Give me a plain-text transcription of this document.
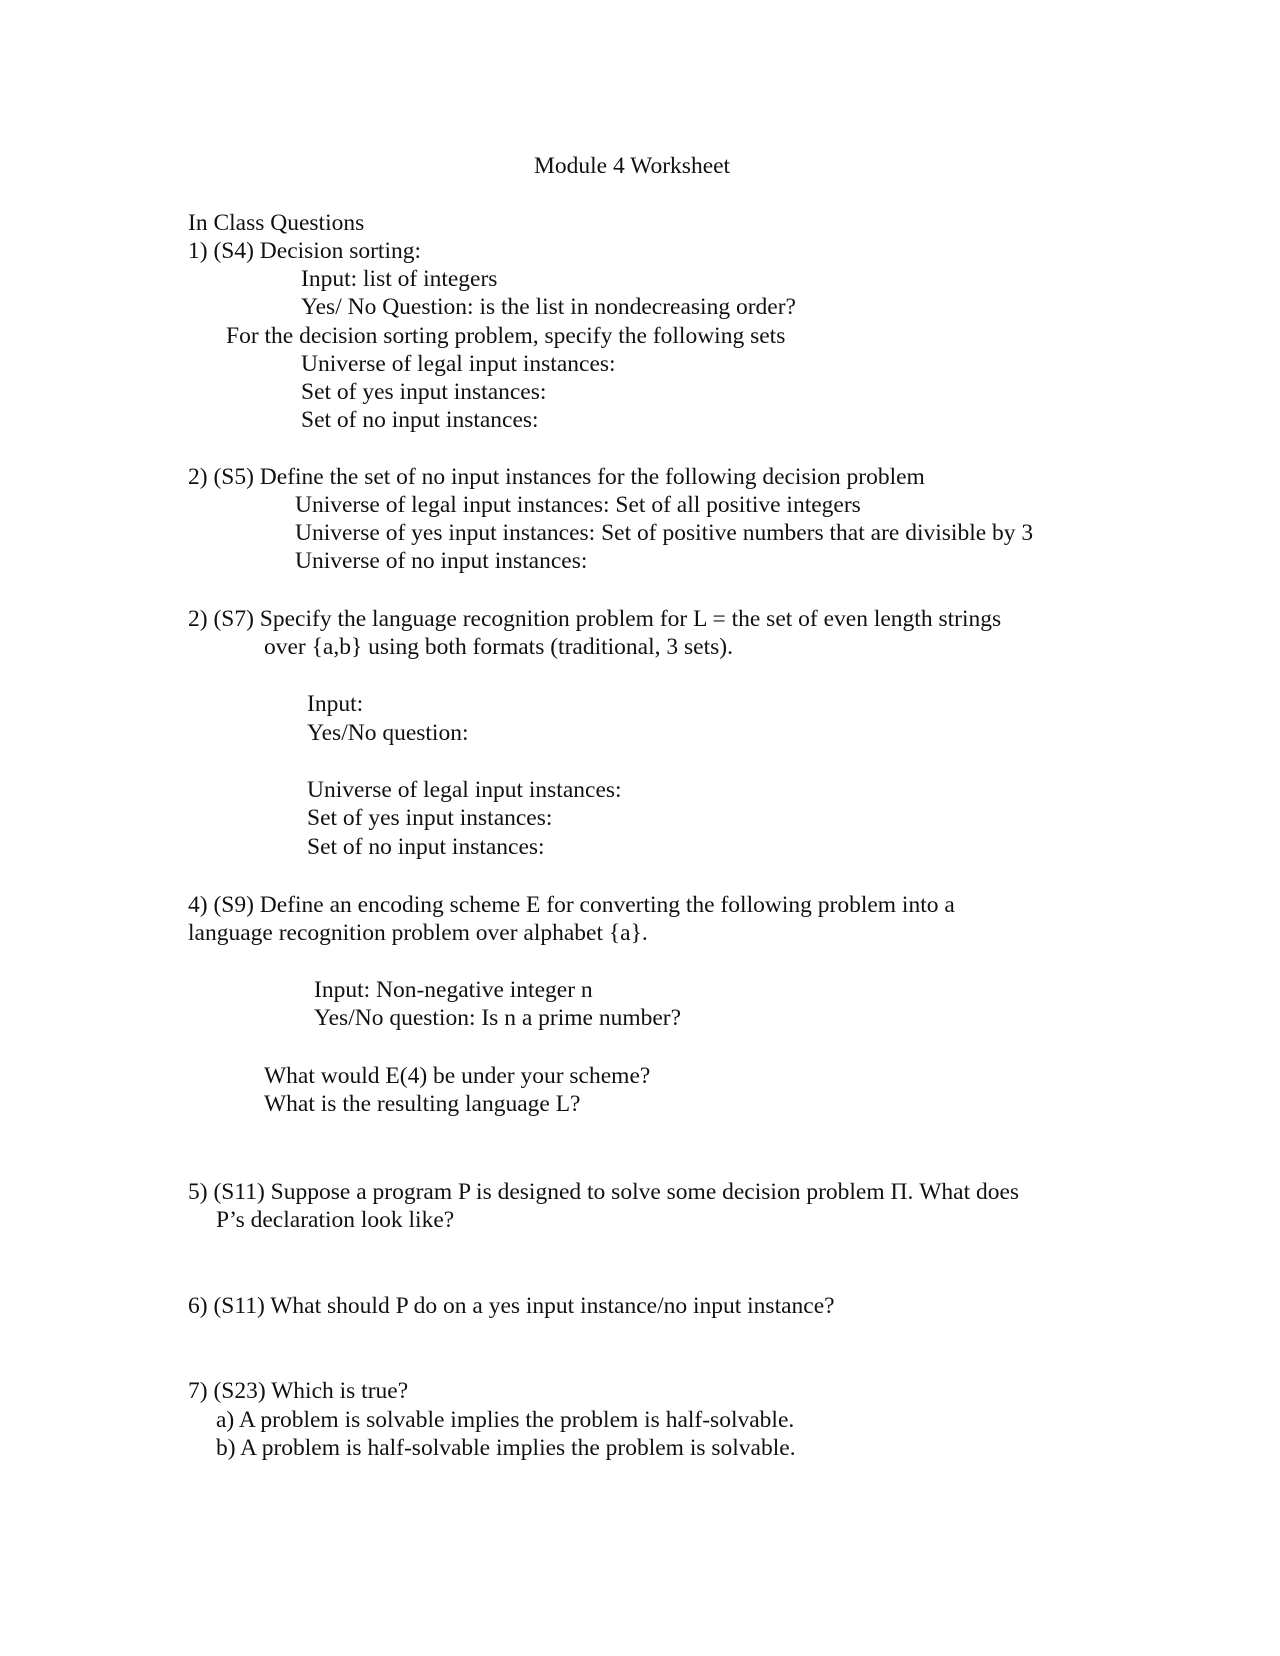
Module 4 Worksheet
In Class Questions
1) (S4) Decision sorting:
Input: list of integers
Yes/ No Question: is the list in nondecreasing order?
For the decision sorting problem, specify the following sets
Universe of legal input instances:
Set of yes input instances:
Set of no input instances:
2) (S5) Define the set of no input instances for the following decision problem
Universe of legal input instances: Set of all positive integers
Universe of yes input instances: Set of positive numbers that are divisible by 3
Universe of no input instances:
2) (S7) Specify the language recognition problem for L = the set of even length strings
over {a,b} using both formats (traditional, 3 sets).
Input:
Yes/No question:
Universe of legal input instances:
Set of yes input instances:
Set of no input instances:
4) (S9) Define an encoding scheme E for converting the following problem into a
language recognition problem over alphabet {a}.
Input: Non-negative integer n
Yes/No question: Is n a prime number?
What would E(4) be under your scheme?
What is the resulting language L?
5) (S11) Suppose a program P is designed to solve some decision problem Π. What does
P’s declaration look like?
6) (S11) What should P do on a yes input instance/no input instance?
7) (S23) Which is true?
a) A problem is solvable implies the problem is half-solvable.
b) A problem is half-solvable implies the problem is solvable.
